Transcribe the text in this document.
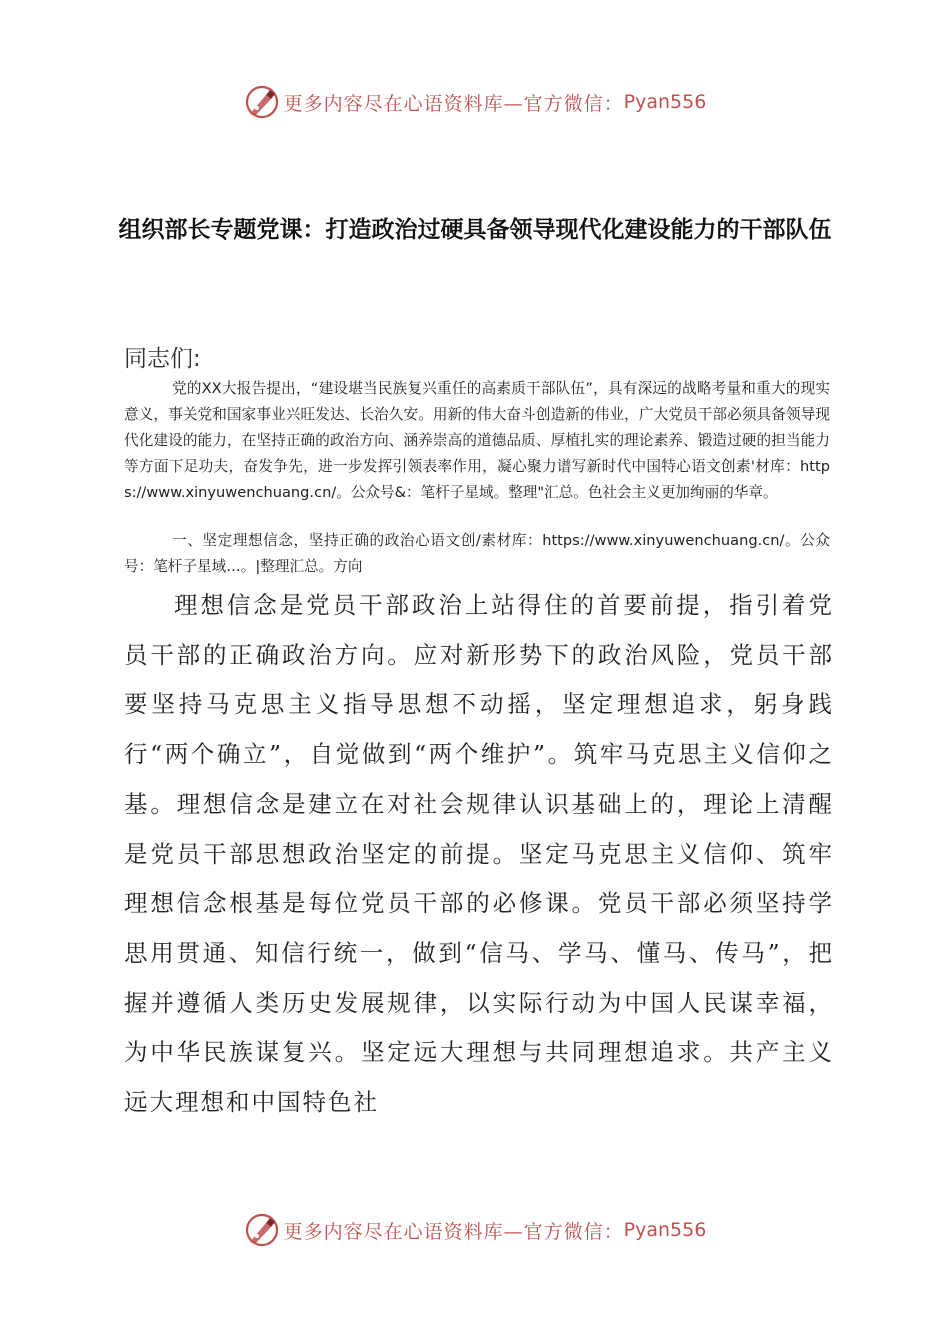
更多内容尽在心语资料库—官方微信： Pyan556
组织部长专题党课：打造政治过硬具备领导现代化建设能力的干部队伍

同志们:

党的XX大报告提出，“建设堪当民族复兴重任的高素质干部队伍”，具有深远的战略考量和重大的现实意义，事关党和国家事业兴旺发达、长治久安。用新的伟大奋斗创造新的伟业，广大党员干部必须具备领导现代化建设的能力，在坚持正确的政治方向、涵养崇高的道德品质、厚植扎实的理论素养、锻造过硬的担当能力等方面下足功夫，奋发争先，进一步发挥引领表率作用，凝心聚力谱写新时代中国特心语文创素'材库：https://www.xinyuwenchuang.cn/。公众号&：笔杆子星域。整理"汇总。色社会主义更加绚丽的华章。

一、坚定理想信念，坚持正确的政治心语文创/素材库：https://www.xinyuwenchuang.cn/。公众号：笔杆子星域…。|整理汇总。方向

理想信念是党员干部政治上站得住的首要前提，指引着党员干部的正确政治方向。应对新形势下的政治风险，党员干部要坚持马克思主义指导思想不动摇，坚定理想追求，躬身践行“两个确立”，自觉做到“两个维护”。筑牢马克思主义信仰之基。理想信念是建立在对社会规律认识基础上的，理论上清醒是党员干部思想政治坚定的前提。坚定马克思主义信仰、筑牢理想信念根基是每位党员干部的必修课。党员干部必须坚持学思用贯通、知信行统一，做到“信马、学马、懂马、传马”，把握并遵循人类历史发展规律，以实际行动为中国人民谋幸福，为中华民族谋复兴。坚定远大理想与共同理想追求。共产主义远大理想和中国特色社

更多内容尽在心语资料库—官方微信： Pyan556
